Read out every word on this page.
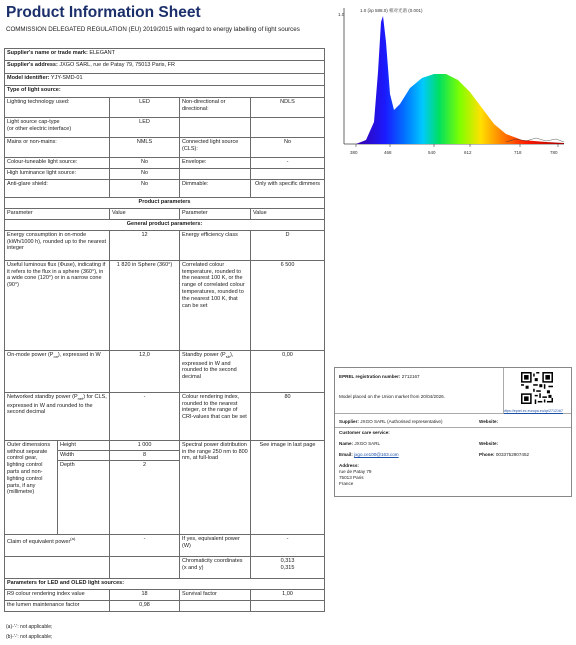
Product Information Sheet
COMMISSION DELEGATED REGULATION (EU) 2019/2015 with regard to energy labelling of light sources
Supplier's name or trade mark: ELEGANT				
Supplier's address: JXGO SARL, rue de Patay 79, 75013 Paris, FR				
Model identifier: YJY-SMD-01				
Type of light source:				
Lighting technology used:		LED	Non-directional or directional:	NDLS

Light source cap-type
(or other electric interface)		LED		
Mains or non-mains:		NMLS	Connected light source (CLS):	No
Colour-tuneable light source:		No	Envelope:	-
High luminance light source:		No		
Anti-glare shield:		No	Dimmable:	Only with specific dimmers
Product parameters				
Parameter		Value	Parameter	Value
General product parameters:				
Energy consumption in on-mode (kWh/1000 h), rounded up to the nearest integer		12	Energy efficiency class	D
Useful luminous flux (Φuse), indicating if it refers to the flux in a sphere (360°), in a wide cone (120°) or in a narrow cone (90°)		1 820 in Sphere (360°)	Correlated colour temperature, rounded to the nearest 100 K, or the range of correlated colour temperatures, rounded to the nearest 100 K, that can be set	6 500
On-mode power $(P_{on})$, expressed in W		12,0	Standby power $(P_{sb})$, expressed in W and rounded to the second decimal	0,00
Networked standby power $(P_{net})$ for CLS, expressed in W and rounded to the second decimal		-	Colour rendering index, rounded to the nearest integer, or the range of CRI-values that can be set	80
Outer dimensions without separate control gear, lighting control parts and non-lighting control parts, if any (millimetre)	Height	1 000	Spectral power distribution in the range 250 nm to 800 nm, at full-load	See image in last page
	Width	8		
	Depth	2		
Claim of equivalent power$^{(a)}$		-	If yes, equivalent power (W)	-
			Chromaticity coordinates (x and y)	0,313
0,315

Parameters for LED and OLED light sources:				
R9 colour rendering index value		18	Survival factor	1,00
the lumen maintenance factor		0,98		
(a)-'-': not applicable;
(b)-'-': not applicable;
1.0
1.0 (λp 588.0) 相对光谱 (0.001)
380	468	540	612	718	780
EPREL registration number: 2712167
Model placed on the Union market from 20/04/2026.
https://eprel.ec.europa.eu/qr/2712167
Supplier: JXGO SARL (Authorised representative)	Website:
Customer care service:
Name: JXGO SARL	Website:
Email: jxgo.ce100@163.com	Phone: 0033752907452
Address:
rue de Patay 79
75013 Paris
France
